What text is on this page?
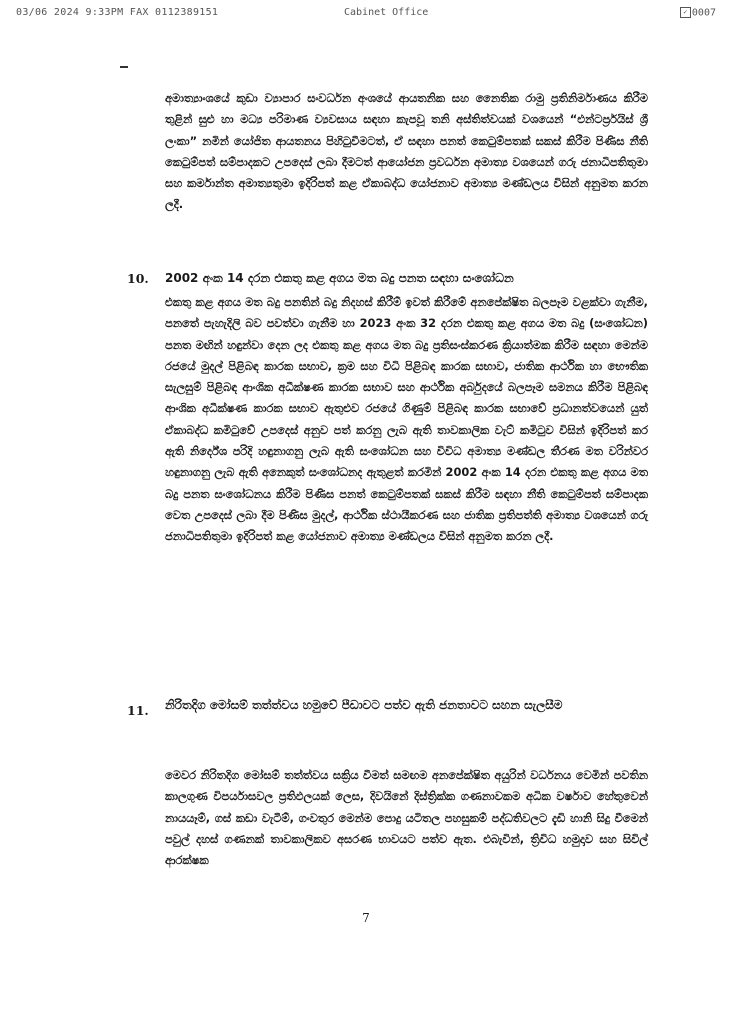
03/06 2024 9:33PM FAX 0112389151	Cabinet Office	✓ 0007
අමාත්‍යාංශයේ කුඩා ව්‍යාපාර සංවර්ධන අංශයේ ආයතනික සහ නෛතික රාමු ප්‍රතිනිර්මාණය කිරීම තුළින් සුළු හා මධ්‍ය පරිමාණ ව්‍යවසාය සඳහා කැපවූ තනි අස්තිත්වයක් වශයෙන් “එන්ටර්ප්‍රයිස් ශ්‍රී ලංකා” නමින් යෝජිත ආයතනය පිහිටුවීමටත්, ඒ සඳහා පනත් කෙටුම්පතක් සකස් කිරීම පිණිස නීති කෙටුම්පත් සම්පාදකට උපදෙස් ලබා දීමටත් ආයෝජන ප්‍රවර්ධන අමාත්‍ය වශයෙන් ගරු ජනාධිපතිතුමා සහ කර්මාන්ත අමාත්‍යතුමා ඉදිරිපත් කළ ඒකාබද්ධ යෝජනාව අමාත්‍ය මණ්ඩලය විසින් අනුමත කරන ලදී.
10. 2002 අංක 14 දරන එකතු කළ අගය මත බදු පනත සඳහා සංශෝධන
එකතු කළ අගය මත බදු පනතින් බදු නිදහස් කිරීම් ඉවත් කිරීමේ අනපේක්ෂිත බලපෑම වළක්වා ගැනීම, පනතේ පැහැදිලි බව පවත්වා ගැනීම හා 2023 අංක 32 දරන එකතු කළ අගය මත බදු (සංශෝධන) පනත මඟින් හඳුන්වා දෙන ලද එකතු කළ අගය මත බදු ප්‍රතිසංස්කරණ ක්‍රියාත්මක කිරීම සඳහා මෙන්ම රජයේ මුදල් පිළිබඳ කාරක සභාව, ක්‍රම සහ විධි පිළිබඳ කාරක සභාව, ජාතික ආර්ථික හා භෞතික සැලසුම් පිළිබඳ ආංශික අධීක්ෂණ කාරක සභාව සහ ආර්ථික අර්බුදයේ බලපෑම සමනය කිරීම පිළිබඳ ආංශික අධීක්ෂණ කාරක සභාව ඇතුළුව රජයේ ගිණුම් පිළිබඳ කාරක සභාවේ ප්‍රධානත්වයෙන් යුත් ඒකාබද්ධ කමිටුවේ උපදෙස් අනුව පත් කරනු ලැබ ඇති තාවකාලික වැට් කමිටුව විසින් ඉදිරිපත් කර ඇති නිර්දේශ පරිදි හඳුනාගනු ලැබ ඇති සංශෝධන සහ විවිධ අමාත්‍ය මණ්ඩල තීරණ මත වරින්වර හඳුනාගනු ලැබ ඇති අනෙකුත් සංශෝධනද ඇතුළත් කරමින් 2002 අංක 14 දරන එකතු කළ අගය මත බදු පනත සංශෝධනය කිරීම පිණිස පනත් කෙටුම්පතක් සකස් කිරීම සඳහා නීති කෙටුම්පත් සම්පාදක වෙත උපදෙස් ලබා දීම පිණිස මුදල්, ආර්ථික ස්ථායීකරණ සහ ජාතික ප්‍රතිපත්ති අමාත්‍ය වශයෙන් ගරු ජනාධිපතිතුමා ඉදිරිපත් කළ යෝජනාව අමාත්‍ය මණ්ඩලය විසින් අනුමත කරන ලදී.
11. නිරිතදිග මෝසම් තත්ත්වය හමුවේ පීඩාවට පත්ව ඇති ජනතාවට සහන සැලසීම
මෙවර නිරිතදිග මෝසම් තත්ත්වය සක්‍රිය වීමත් සමඟම අනපේක්ෂිත අයුරින් වර්ධනය වෙමින් පවතින කාලගුණ විපර්යාසවල ප්‍රතිඵලයක් ලෙස, දිවයිනේ දිස්ත්‍රික්ක ගණනාවකම අධික වර්ෂාව හේතුවෙන් නායයෑම්, ගස් කඩා වැටීම්, ගංවතුර මෙන්ම පොදු යටිතල පහසුකම් පද්ධතිවලට දැඩි හානි සිදු වීමෙන් පවුල් දහස් ගණනක් තාවකාලිකව අසරණ භාවයට පත්ව ඇත. එබැවින්, ත්‍රිවිධ හමුදාව සහ සිවිල් ආරක්ෂක
7
